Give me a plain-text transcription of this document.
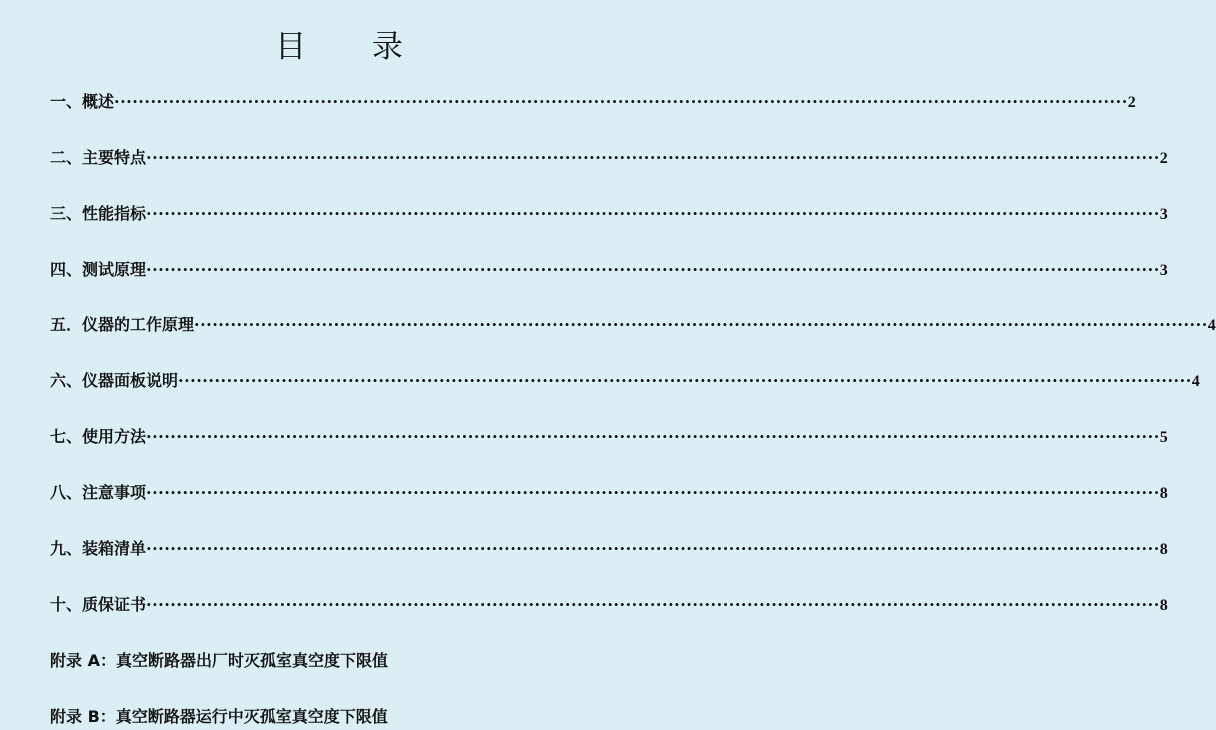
目 录
一、概述 ······································································································································································· 2
二、主要特点 ······································································································································································· 2
三、性能指标 ······································································································································································· 3
四、测试原理 ······································································································································································· 3
五．仪器的工作原理 ······································································································································································· 4
六、仪器面板说明 ······································································································································································· 4
七、使用方法 ······································································································································································· 5
八、注意事项 ······································································································································································· 8
九、装箱清单 ······································································································································································· 8
十、质保证书 ······································································································································································· 8
附录 A：真空断路器出厂时灭孤室真空度下限值
附录 B：真空断路器运行中灭孤室真空度下限值
